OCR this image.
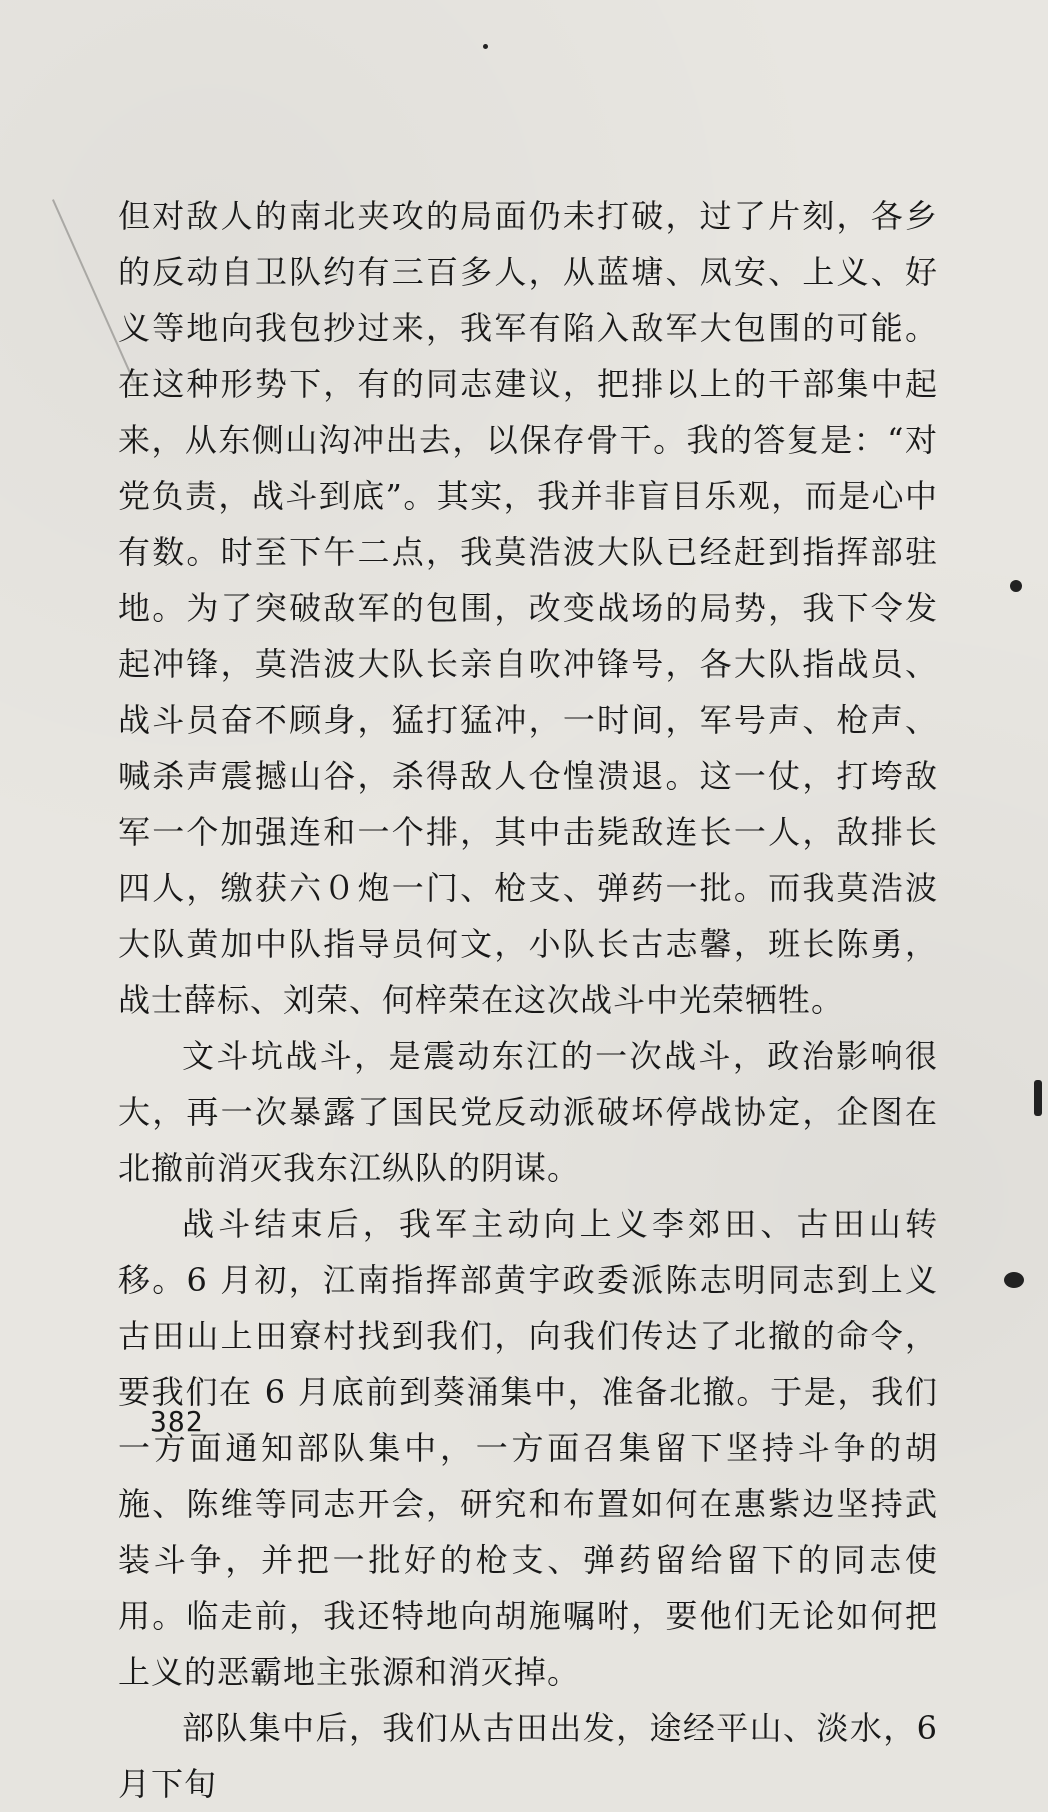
但对敌人的南北夹攻的局面仍未打破，过了片刻，各乡的反动自卫队约有三百多人，从蓝塘、凤安、上义、好义等地向我包抄过来，我军有陷入敌军大包围的可能。在这种形势下，有的同志建议，把排以上的干部集中起来，从东侧山沟冲出去，以保存骨干。我的答复是：“对党负责，战斗到底”。其实，我并非盲目乐观，而是心中有数。时至下午二点，我莫浩波大队已经赶到指挥部驻地。为了突破敌军的包围，改变战场的局势，我下令发起冲锋，莫浩波大队长亲自吹冲锋号，各大队指战员、战斗员奋不顾身，猛打猛冲，一时间，军号声、枪声、喊杀声震撼山谷，杀得敌人仓惶溃退。这一仗，打垮敌军一个加强连和一个排，其中击毙敌连长一人，敌排长四人，缴获六０炮一门、枪支、弹药一批。而我莫浩波大队黄加中队指导员何文，小队长古志馨，班长陈勇，战士薛标、刘荣、何梓荣在这次战斗中光荣牺牲。

文斗坑战斗，是震动东江的一次战斗，政治影响很大，再一次暴露了国民党反动派破坏停战协定，企图在北撤前消灭我东江纵队的阴谋。

战斗结束后，我军主动向上义李郊田、古田山转移。6 月初，江南指挥部黄宇政委派陈志明同志到上义古田山上田寮村找到我们，向我们传达了北撤的命令，要我们在 6 月底前到葵涌集中，准备北撤。于是，我们一方面通知部队集中，一方面召集留下坚持斗争的胡施、陈维等同志开会，研究和布置如何在惠紫边坚持武装斗争，并把一批好的枪支、弹药留给留下的同志使用。临走前，我还特地向胡施嘱咐，要他们无论如何把上义的恶霸地主张源和消灭掉。

部队集中后，我们从古田出发，途经平山、淡水，6 月下旬

382
